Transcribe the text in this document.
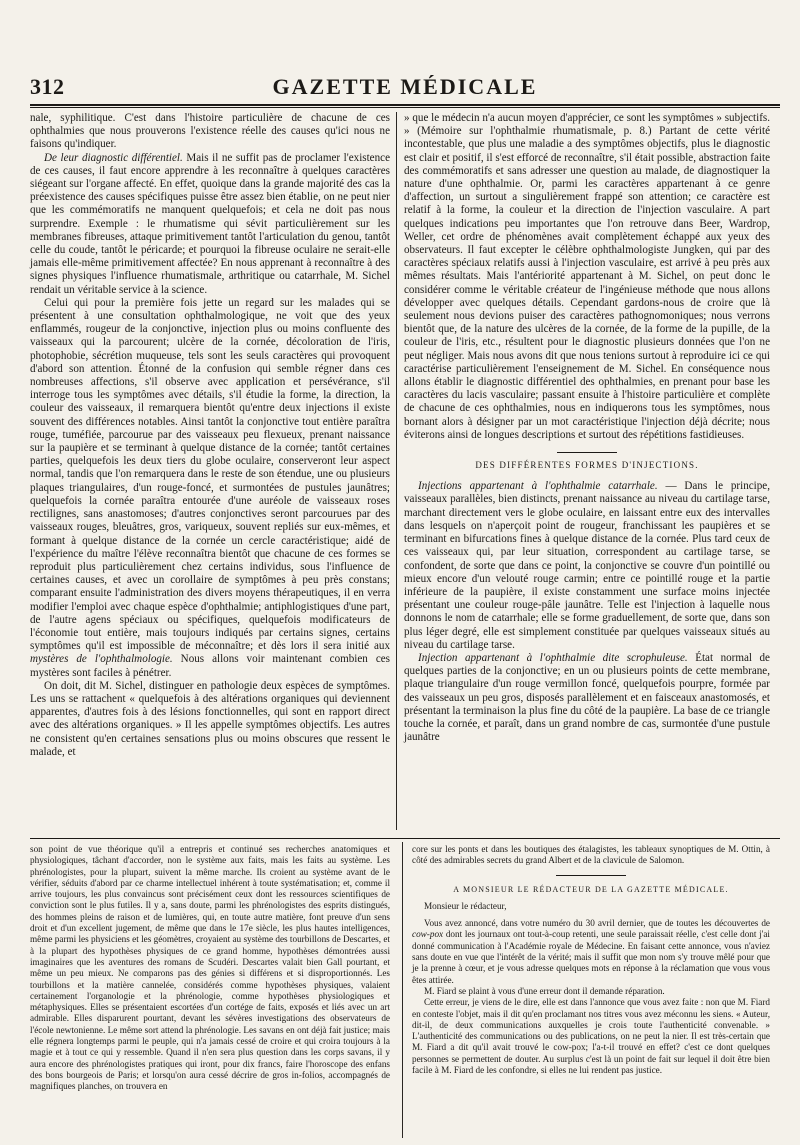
312	GAZETTE MÉDICALE

nale, syphilitique. C'est dans l'histoire particulière de chacune de ces ophthalmies que nous prouverons l'existence réelle des causes qu'ici nous ne faisons qu'indiquer.

De leur diagnostic différentiel. Mais il ne suffit pas de proclamer l'existence de ces causes, il faut encore apprendre à les reconnaître à quelques caractères siégeant sur l'organe affecté. En effet, quoique dans la grande majorité des cas la préexistence des causes spécifiques puisse être assez bien établie, on ne peut nier que les commémoratifs ne manquent quelquefois; et cela ne doit pas nous surprendre. Exemple : le rhumatisme qui sévit particulièrement sur les membranes fibreuses, attaque primitivement tantôt l'articulation du genou, tantôt celle du coude, tantôt le péricarde; et pourquoi la fibreuse oculaire ne serait-elle jamais elle-même primitivement affectée? En nous apprenant à reconnaître à des signes physiques l'influence rhumatismale, arthritique ou catarrhale, M. Sichel rendait un véritable service à la science.

Celui qui pour la première fois jette un regard sur les malades qui se présentent à une consultation ophthalmologique, ne voit que des yeux enflammés, rougeur de la conjonctive, injection plus ou moins confluente des vaisseaux qui la parcourent; ulcère de la cornée, décoloration de l'iris, photophobie, sécrétion muqueuse, tels sont les seuls caractères qui provoquent d'abord son attention. Étonné de la confusion qui semble régner dans ces nombreuses affections, s'il observe avec application et persévérance, s'il interroge tous les symptômes avec détails, s'il étudie la forme, la direction, la couleur des vaisseaux, il remarquera bientôt qu'entre deux injections il existe souvent des différences notables. Ainsi tantôt la conjonctive tout entière paraîtra rouge, tuméfiée, parcourue par des vaisseaux peu flexueux, prenant naissance sur la paupière et se terminant à quelque distance de la cornée; tantôt certaines parties, quelquefois les deux tiers du globe oculaire, conserveront leur aspect normal, tandis que l'on remarquera dans le reste de son étendue, une ou plusieurs plaques triangulaires, d'un rouge-foncé, et surmontées de pustules jaunâtres; quelquefois la cornée paraîtra entourée d'une auréole de vaisseaux roses rectilignes, sans anastomoses; d'autres conjonctives seront parcourues par des vaisseaux rouges, bleuâtres, gros, variqueux, souvent repliés sur eux-mêmes, et formant à quelque distance de la cornée un cercle caractéristique; aidé de l'expérience du maître l'élève reconnaîtra bientôt que chacune de ces formes se reproduit plus particulièrement chez certains individus, sous l'influence de certaines causes, et avec un corollaire de symptômes à peu près constans; comparant ensuite l'administration des divers moyens thérapeutiques, il en verra modifier l'emploi avec chaque espèce d'ophthalmie; antiphlogistiques d'une part, de l'autre agens spéciaux ou spécifiques, quelquefois modificateurs de l'économie tout entière, mais toujours indiqués par certains signes, certains symptômes qu'il est impossible de méconnaître; et dès lors il sera initié aux mystères de l'ophthalmologie. Nous allons voir maintenant combien ces mystères sont faciles à pénétrer.

On doit, dit M. Sichel, distinguer en pathologie deux espèces de symptômes. Les uns se rattachent « quelquefois à des altérations organiques qui deviennent apparentes, d'autres fois à des lésions fonctionnelles, qui sont en rapport direct avec des altérations organiques. » Il les appelle symptômes objectifs. Les autres ne consistent qu'en certaines sensations plus ou moins obscures que ressent le malade, et

» que le médecin n'a aucun moyen d'apprécier, ce sont les symptômes » subjectifs. » (Mémoire sur l'ophthalmie rhumatismale, p. 8.) Partant de cette vérité incontestable, que plus une maladie a des symptômes objectifs, plus le diagnostic est clair et positif, il s'est efforcé de reconnaître, s'il était possible, abstraction faite des commémoratifs et sans adresser une question au malade, de diagnostiquer la nature d'une ophthalmie. Or, parmi les caractères appartenant à ce genre d'affection, un surtout a singulièrement frappé son attention; ce caractère est relatif à la forme, la couleur et la direction de l'injection vasculaire. A part quelques indications peu importantes que l'on retrouve dans Beer, Wardrop, Weller, cet ordre de phénomènes avait complètement échappé aux yeux des observateurs. Il faut excepter le célèbre ophthalmologiste Jungken, qui par des caractères spéciaux relatifs aussi à l'injection vasculaire, est arrivé à peu près aux mêmes résultats. Mais l'antériorité appartenant à M. Sichel, on peut donc le considérer comme le véritable créateur de l'ingénieuse méthode que nous allons développer avec quelques détails. Cependant gardons-nous de croire que là seulement nous devions puiser des caractères pathognomoniques; nous verrons bientôt que, de la nature des ulcères de la cornée, de la forme de la pupille, de la couleur de l'iris, etc., résultent pour le diagnostic plusieurs données que l'on ne peut négliger. Mais nous avons dit que nous tenions surtout à reproduire ici ce qui caractérise particulièrement l'enseignement de M. Sichel. En conséquence nous allons établir le diagnostic différentiel des ophthalmies, en prenant pour base les caractères du lacis vasculaire; passant ensuite à l'histoire particulière et complète de chacune de ces ophthalmies, nous en indiquerons tous les symptômes, nous bornant alors à désigner par un mot caractéristique l'injection déjà décrite; nous éviterons ainsi de longues descriptions et surtout des répétitions fastidieuses.

DES DIFFÉRENTES FORMES D'INJECTIONS.

Injections appartenant à l'ophthalmie catarrhale. — Dans le principe, vaisseaux parallèles, bien distincts, prenant naissance au niveau du cartilage tarse, marchant directement vers le globe oculaire, en laissant entre eux des intervalles dans lesquels on n'aperçoit point de rougeur, franchissant les paupières et se terminant en bifurcations fines à quelque distance de la cornée. Plus tard ceux de ces vaisseaux qui, par leur situation, correspondent au cartilage tarse, se confondent, de sorte que dans ce point, la conjonctive se couvre d'un pointillé ou mieux encore d'un velouté rouge carmin; entre ce pointillé rouge et la partie inférieure de la paupière, il existe constamment une surface moins injectée présentant une couleur rouge-pâle jaunâtre. Telle est l'injection à laquelle nous donnons le nom de catarrhale; elle se forme graduellement, de sorte que, dans son plus léger degré, elle est simplement constituée par quelques vaisseaux situés au niveau du cartilage tarse.

Injection appartenant à l'ophthalmie dite scrophuleuse. État normal de quelques parties de la conjonctive; en un ou plusieurs points de cette membrane, plaque triangulaire d'un rouge vermillon foncé, quelquefois pourpre, formée par des vaisseaux un peu gros, disposés parallèlement et en faisceaux anastomosés, et présentant la terminaison la plus fine du côté de la paupière. La base de ce triangle touche la cornée, et paraît, dans un grand nombre de cas, surmontée d'une pustule jaunâtre

son point de vue théorique qu'il a entrepris et continué ses recherches anatomiques et physiologiques, tâchant d'accorder, non le système aux faits, mais les faits au système. Les phrénologistes, pour la plupart, suivent la même marche. Ils croient au système avant de le vérifier, séduits d'abord par ce charme intellectuel inhérent à toute systématisation; et, comme il arrive toujours, les plus convaincus sont précisément ceux dont les ressources scientifiques de conviction sont le plus futiles. Il y a, sans doute, parmi les phrénologistes des esprits distingués, des hommes pleins de raison et de lumières, qui, en toute autre matière, font preuve d'un sens droit et d'un excellent jugement, de même que dans le 17e siècle, les plus hautes intelligences, même parmi les physiciens et les géomètres, croyaient au système des tourbillons de Descartes, et à la plupart des hypothèses physiques de ce grand homme, hypothèses démontrées aussi imaginaires que les aventures des romans de Scudéri. Descartes valait bien Gall pourtant, et même un peu mieux. Ne comparons pas des génies si différens et si disproportionnés. Les tourbillons et la matière cannelée, considérés comme hypothèses physiques, valaient certainement l'organologie et la phrénologie, comme hypothèses physiologiques et métaphysiques. Elles se présentaient escortées d'un cortége de faits, exposés et liés avec un art admirable. Elles disparurent pourtant, devant les sévères investigations des observateurs de l'école newtonienne. Le même sort attend la phrénologie. Les savans en ont déjà fait justice; mais elle régnera longtemps parmi le peuple, qui n'a jamais cessé de croire et qui croira toujours à la magie et à tout ce qui y ressemble. Quand il n'en sera plus question dans les corps savans, il y aura encore des phrénologistes pratiques qui iront, pour dix francs, faire l'horoscope des enfans des bons bourgeois de Paris; et lorsqu'on aura cessé décrire de gros in-folios, accompagnés de magnifiques planches, on trouvera en

core sur les ponts et dans les boutiques des étalagistes, les tableaux synoptiques de M. Ottin, à côté des admirables secrets du grand Albert et de la clavicule de Salomon.

A MONSIEUR LE RÉDACTEUR DE LA GAZETTE MÉDICALE.

Monsieur le rédacteur,

Vous avez annoncé, dans votre numéro du 30 avril dernier, que de toutes les découvertes de cow-pox dont les journaux ont tout-à-coup retenti, une seule paraissait réelle, c'est celle dont j'ai donné communication à l'Académie royale de Médecine. En faisant cette annonce, vous n'aviez sans doute en vue que l'intérêt de la vérité; mais il suffit que mon nom s'y trouve mêlé pour que je la prenne à cœur, et je vous adresse quelques mots en réponse à la réclamation que vous vous êtes attirée.

M. Fiard se plaint à vous d'une erreur dont il demande réparation.

Cette erreur, je viens de le dire, elle est dans l'annonce que vous avez faite : non que M. Fiard en conteste l'objet, mais il dit qu'en proclamant nos titres vous avez méconnu les siens. « Auteur, dit-il, de deux communications auxquelles je crois toute l'authenticité convenable. » L'authenticité des communications ou des publications, on ne peut la nier. Il est très-certain que M. Fiard a dit qu'il avait trouvé le cow-pox; l'a-t-il trouvé en effet? c'est ce dont quelques personnes se permettent de douter. Au surplus c'est là un point de fait sur lequel il doit être bien facile à M. Fiard de les confondre, si elles ne lui rendent pas justice.
